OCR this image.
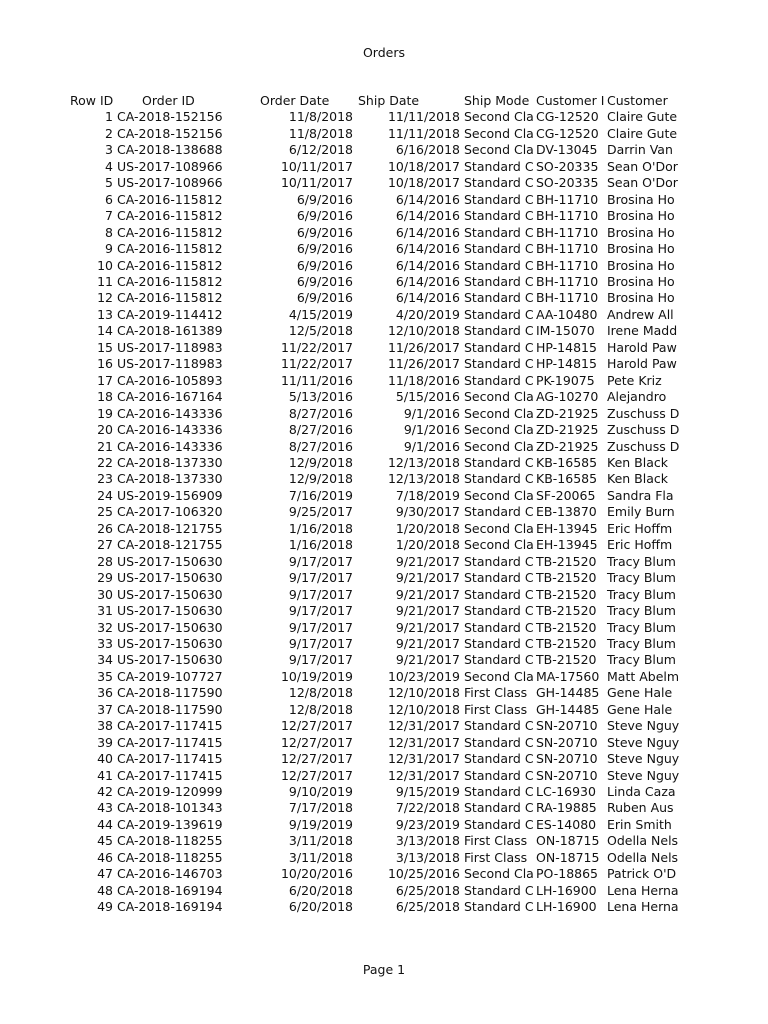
Orders
Row ID	Order ID	Order Date	Ship Date	Ship Mode	Customer I	Customer
1	CA-2018-152156	11/8/2018	11/11/2018	Second Cla	CG-12520	Claire Gute
2	CA-2018-152156	11/8/2018	11/11/2018	Second Cla	CG-12520	Claire Gute
3	CA-2018-138688	6/12/2018	6/16/2018	Second Cla	DV-13045	Darrin Van
4	US-2017-108966	10/11/2017	10/18/2017	Standard C	SO-20335	Sean O'Dor
5	US-2017-108966	10/11/2017	10/18/2017	Standard C	SO-20335	Sean O'Dor
6	CA-2016-115812	6/9/2016	6/14/2016	Standard C	BH-11710	Brosina Ho
7	CA-2016-115812	6/9/2016	6/14/2016	Standard C	BH-11710	Brosina Ho
8	CA-2016-115812	6/9/2016	6/14/2016	Standard C	BH-11710	Brosina Ho
9	CA-2016-115812	6/9/2016	6/14/2016	Standard C	BH-11710	Brosina Ho
10	CA-2016-115812	6/9/2016	6/14/2016	Standard C	BH-11710	Brosina Ho
11	CA-2016-115812	6/9/2016	6/14/2016	Standard C	BH-11710	Brosina Ho
12	CA-2016-115812	6/9/2016	6/14/2016	Standard C	BH-11710	Brosina Ho
13	CA-2019-114412	4/15/2019	4/20/2019	Standard C	AA-10480	Andrew All
14	CA-2018-161389	12/5/2018	12/10/2018	Standard C	IM-15070	Irene Madd
15	US-2017-118983	11/22/2017	11/26/2017	Standard C	HP-14815	Harold Paw
16	US-2017-118983	11/22/2017	11/26/2017	Standard C	HP-14815	Harold Paw
17	CA-2016-105893	11/11/2016	11/18/2016	Standard C	PK-19075	Pete Kriz
18	CA-2016-167164	5/13/2016	5/15/2016	Second Cla	AG-10270	Alejandro
19	CA-2016-143336	8/27/2016	9/1/2016	Second Cla	ZD-21925	Zuschuss D
20	CA-2016-143336	8/27/2016	9/1/2016	Second Cla	ZD-21925	Zuschuss D
21	CA-2016-143336	8/27/2016	9/1/2016	Second Cla	ZD-21925	Zuschuss D
22	CA-2018-137330	12/9/2018	12/13/2018	Standard C	KB-16585	Ken Black
23	CA-2018-137330	12/9/2018	12/13/2018	Standard C	KB-16585	Ken Black
24	US-2019-156909	7/16/2019	7/18/2019	Second Cla	SF-20065	Sandra Fla
25	CA-2017-106320	9/25/2017	9/30/2017	Standard C	EB-13870	Emily Burn
26	CA-2018-121755	1/16/2018	1/20/2018	Second Cla	EH-13945	Eric Hoffm
27	CA-2018-121755	1/16/2018	1/20/2018	Second Cla	EH-13945	Eric Hoffm
28	US-2017-150630	9/17/2017	9/21/2017	Standard C	TB-21520	Tracy Blum
29	US-2017-150630	9/17/2017	9/21/2017	Standard C	TB-21520	Tracy Blum
30	US-2017-150630	9/17/2017	9/21/2017	Standard C	TB-21520	Tracy Blum
31	US-2017-150630	9/17/2017	9/21/2017	Standard C	TB-21520	Tracy Blum
32	US-2017-150630	9/17/2017	9/21/2017	Standard C	TB-21520	Tracy Blum
33	US-2017-150630	9/17/2017	9/21/2017	Standard C	TB-21520	Tracy Blum
34	US-2017-150630	9/17/2017	9/21/2017	Standard C	TB-21520	Tracy Blum
35	CA-2019-107727	10/19/2019	10/23/2019	Second Cla	MA-17560	Matt Abelm
36	CA-2018-117590	12/8/2018	12/10/2018	First Class	GH-14485	Gene Hale
37	CA-2018-117590	12/8/2018	12/10/2018	First Class	GH-14485	Gene Hale
38	CA-2017-117415	12/27/2017	12/31/2017	Standard C	SN-20710	Steve Nguy
39	CA-2017-117415	12/27/2017	12/31/2017	Standard C	SN-20710	Steve Nguy
40	CA-2017-117415	12/27/2017	12/31/2017	Standard C	SN-20710	Steve Nguy
41	CA-2017-117415	12/27/2017	12/31/2017	Standard C	SN-20710	Steve Nguy
42	CA-2019-120999	9/10/2019	9/15/2019	Standard C	LC-16930	Linda Caza
43	CA-2018-101343	7/17/2018	7/22/2018	Standard C	RA-19885	Ruben Aus
44	CA-2019-139619	9/19/2019	9/23/2019	Standard C	ES-14080	Erin Smith
45	CA-2018-118255	3/11/2018	3/13/2018	First Class	ON-18715	Odella Nels
46	CA-2018-118255	3/11/2018	3/13/2018	First Class	ON-18715	Odella Nels
47	CA-2016-146703	10/20/2016	10/25/2016	Second Cla	PO-18865	Patrick O'D
48	CA-2018-169194	6/20/2018	6/25/2018	Standard C	LH-16900	Lena Herna
49	CA-2018-169194	6/20/2018	6/25/2018	Standard C	LH-16900	Lena Herna
Page 1
